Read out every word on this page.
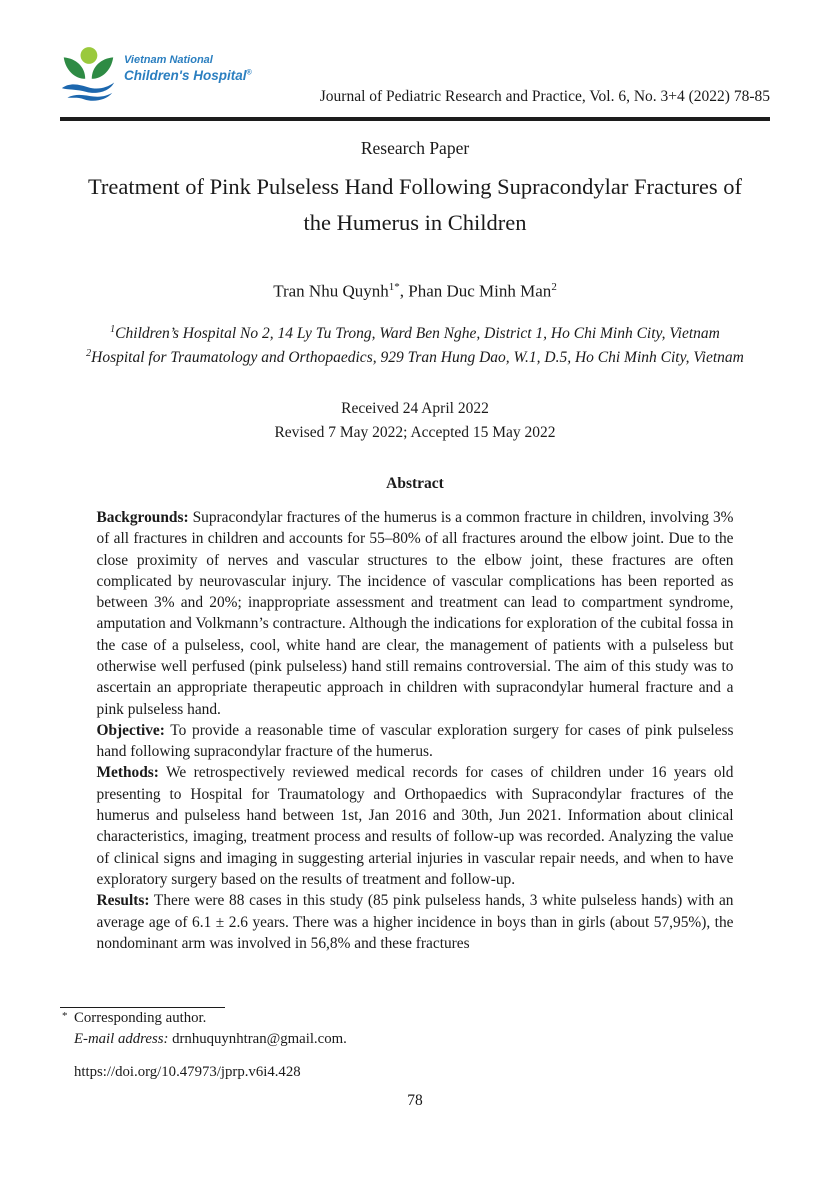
Vietnam National
Children's Hospital®
Journal of Pediatric Research and Practice, Vol. 6, No. 3+4 (2022) 78-85
Research Paper
Treatment of Pink Pulseless Hand Following Supracondylar Fractures of the Humerus in Children
Tran Nhu Quynh$^{1*}$, Phan Duc Minh Man$^2$
$^1$Children’s Hospital No 2, 14 Ly Tu Trong, Ward Ben Nghe, District 1, Ho Chi Minh City, Vietnam
$^2$Hospital for Traumatology and Orthopaedics, 929 Tran Hung Dao, W.1, D.5, Ho Chi Minh City, Vietnam
Received 24 April 2022
Revised 7 May 2022; Accepted 15 May 2022
Abstract

Backgrounds: Supracondylar fractures of the humerus is a common fracture in children, involving 3% of all fractures in children and accounts for 55–80% of all fractures around the elbow joint. Due to the close proximity of nerves and vascular structures to the elbow joint, these fractures are often complicated by neurovascular injury. The incidence of vascular complications has been reported as between 3% and 20%; inappropriate assessment and treatment can lead to compartment syndrome, amputation and Volkmann’s contracture. Although the indications for exploration of the cubital fossa in the case of a pulseless, cool, white hand are clear, the management of patients with a pulseless but otherwise well perfused (pink pulseless) hand still remains controversial. The aim of this study was to ascertain an appropriate therapeutic approach in children with supracondylar humeral fracture and a pink pulseless hand.

Objective: To provide a reasonable time of vascular exploration surgery for cases of pink pulseless hand following supracondylar fracture of the humerus.

Methods: We retrospectively reviewed medical records for cases of children under 16 years old presenting to Hospital for Traumatology and Orthopaedics with Supracondylar fractures of the humerus and pulseless hand between 1st, Jan 2016 and 30th, Jun 2021. Information about clinical characteristics, imaging, treatment process and results of follow-up was recorded. Analyzing the value of clinical signs and imaging in suggesting arterial injuries in vascular repair needs, and when to have exploratory surgery based on the results of treatment and follow-up.

Results: There were 88 cases in this study (85 pink pulseless hands, 3 white pulseless hands) with an average age of 6.1 ± 2.6 years. There was a higher incidence in boys than in girls (about 57,95%), the nondominant arm was involved in 56,8% and these fractures

* Corresponding author.
E-mail address: drnhuquynhtran@gmail.com.
https://doi.org/10.47973/jprp.v6i4.428
78
